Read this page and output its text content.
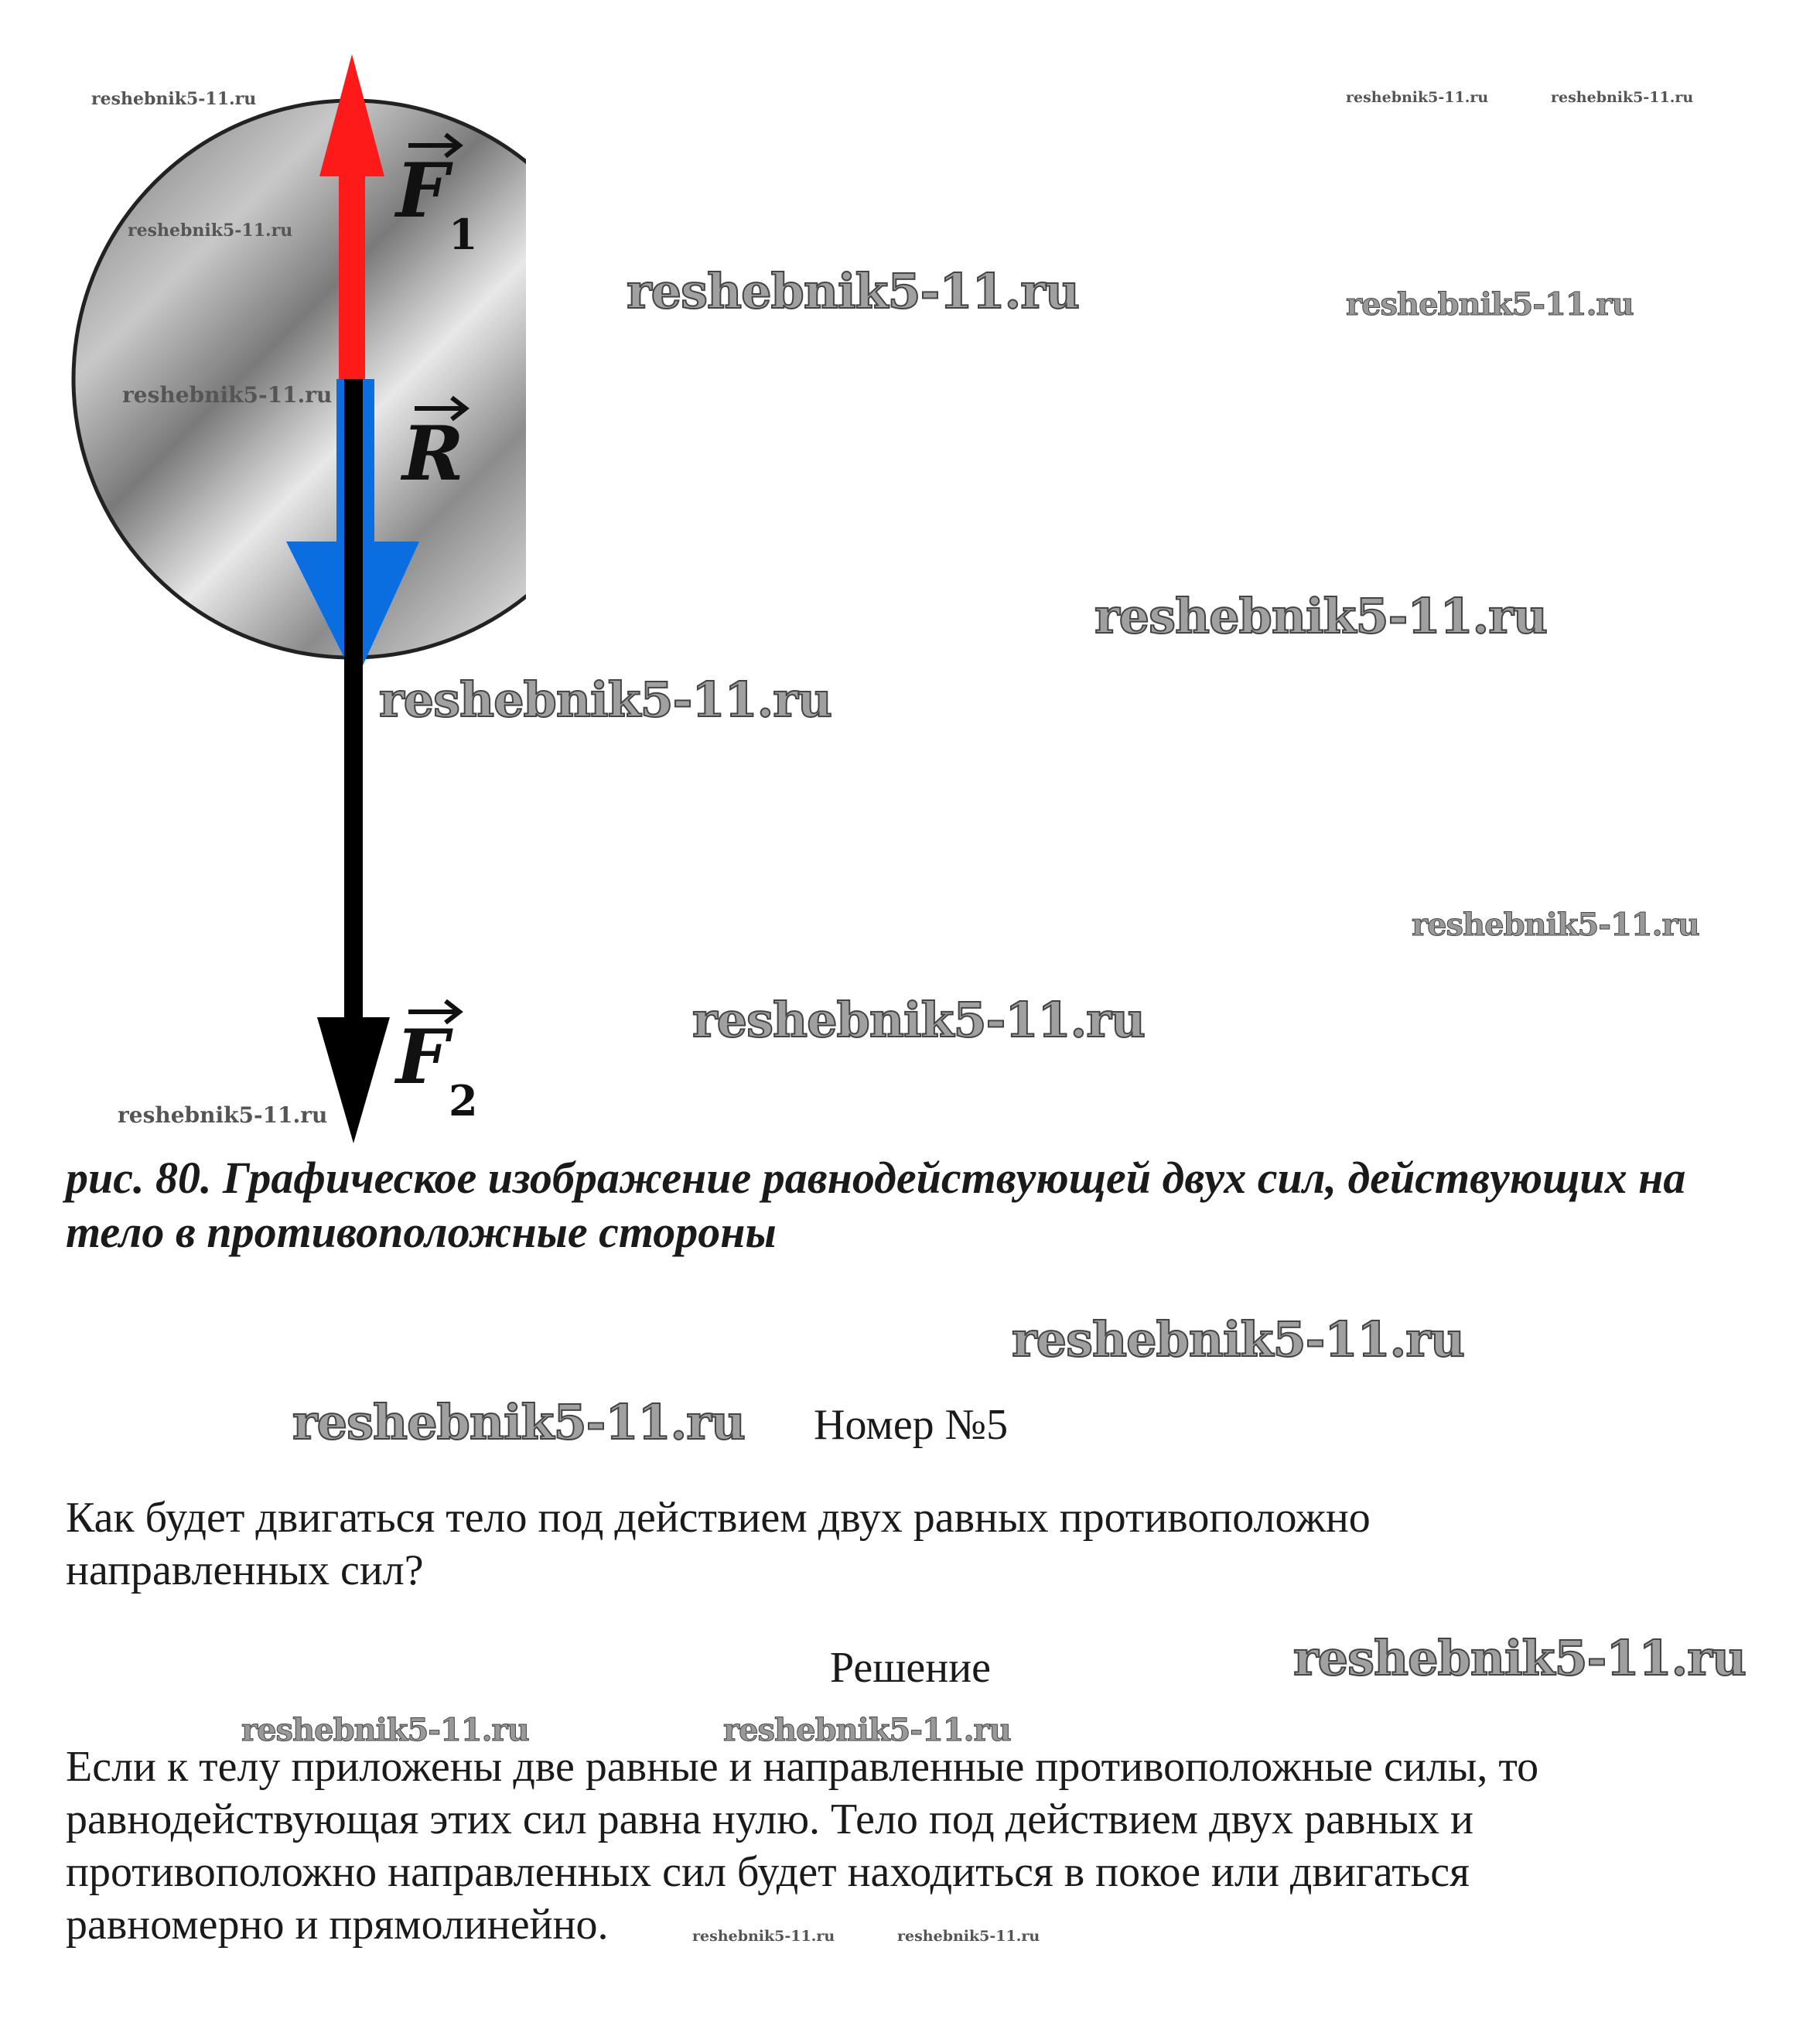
F 1
R
F 2
reshebnik5-11.ru	reshebnik5-11.ru	reshebnik5-11.ru
reshebnik5-11.ru
reshebnik5-11.ru	reshebnik5-11.ru
reshebnik5-11.ru
reshebnik5-11.ru
reshebnik5-11.ru
reshebnik5-11.ru
reshebnik5-11.ru
reshebnik5-11.ru
reshebnik5-11.ru
reshebnik5-11.ru
reshebnik5-11.ru
reshebnik5-11.ru	reshebnik5-11.ru
reshebnik5-11.ru	reshebnik5-11.ru
рис. 80. Графическое изображение равнодействующей двух сил, действующих на
тело в противоположные стороны
Номер №5
Как будет двигаться тело под действием двух равных противоположно
направленных сил?
Решение
Если к телу приложены две равные и направленные противоположные силы, то
равнодействующая этих сил равна нулю. Тело под действием двух равных и
противоположно направленных сил будет находиться в покое или двигаться
равномерно и прямолинейно.
